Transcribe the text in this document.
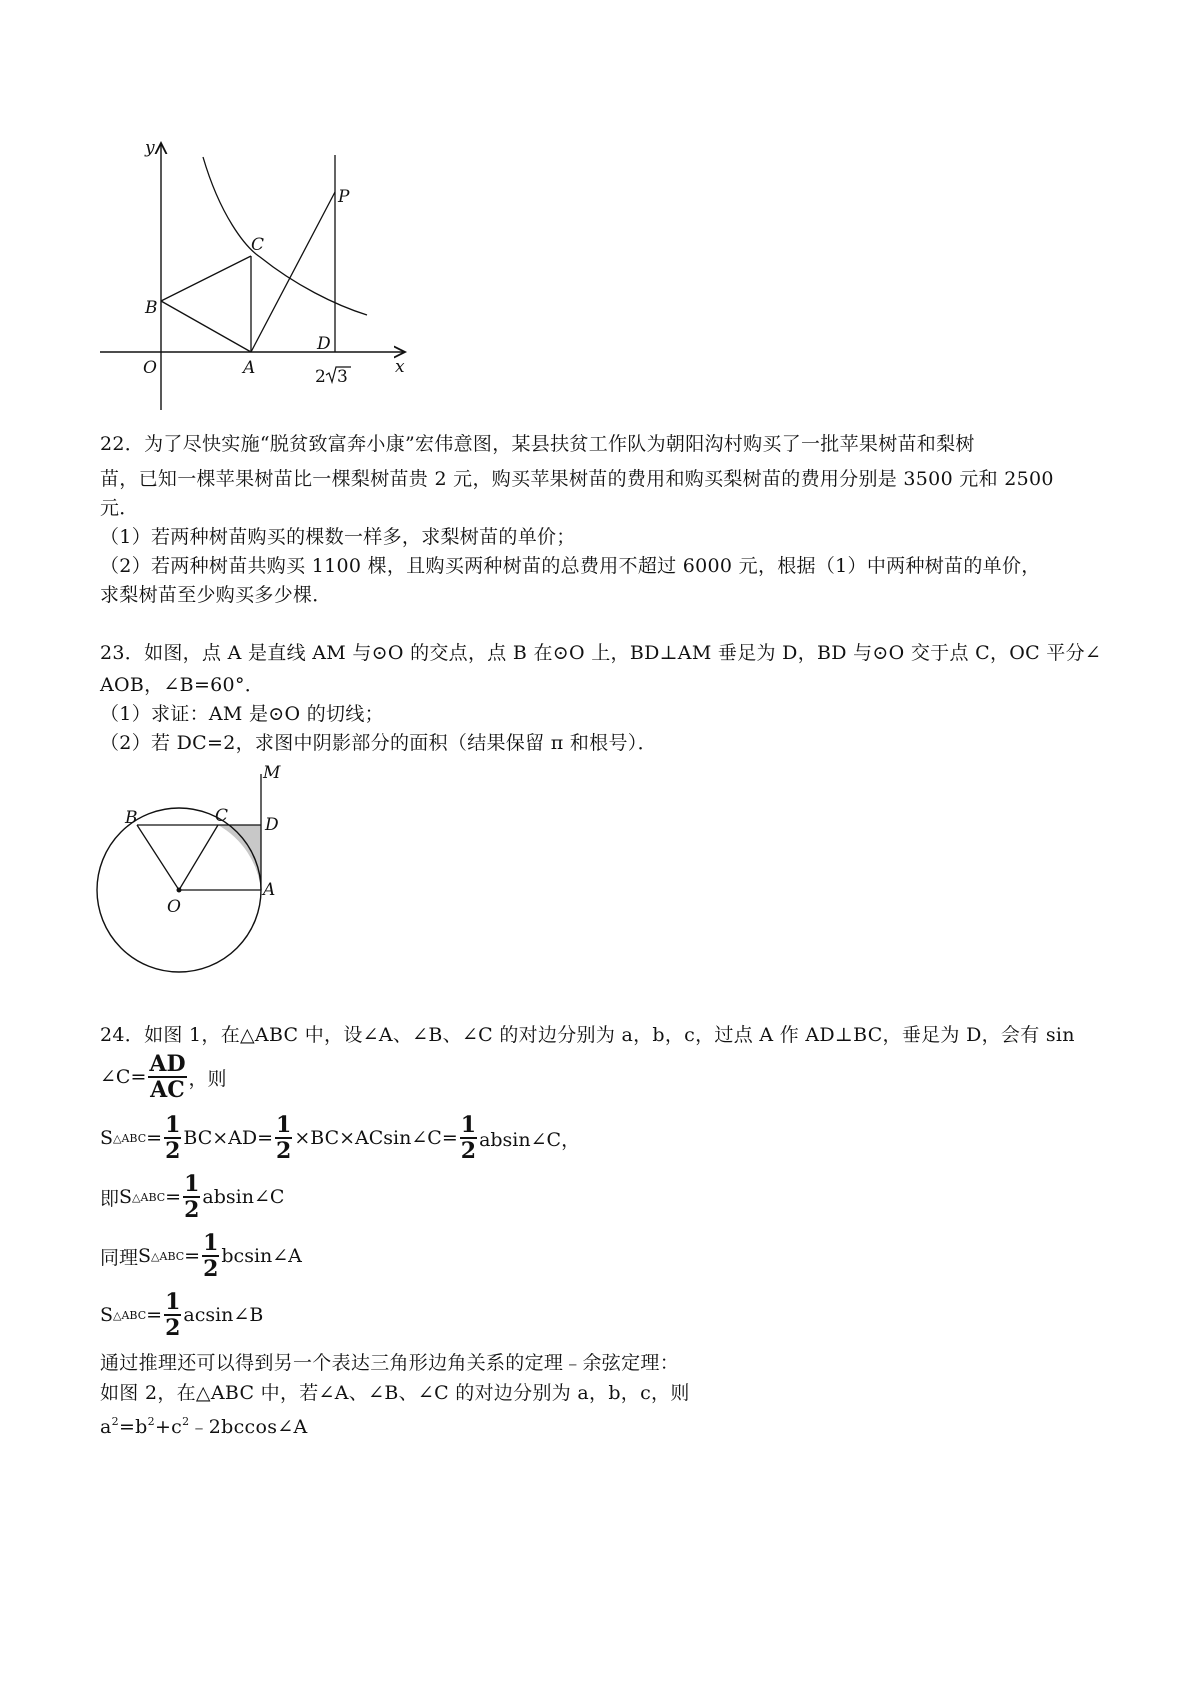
y
x
O	A
B
C
D
P
2 3
22．为了尽快实施“脱贫致富奔小康”宏伟意图，某县扶贫工作队为朝阳沟村购买了一批苹果树苗和梨树
苗，已知一棵苹果树苗比一棵梨树苗贵 2 元，购买苹果树苗的费用和购买梨树苗的费用分别是 3500 元和 2500
元．
（1）若两种树苗购买的棵数一样多，求梨树苗的单价；
（2）若两种树苗共购买 1100 棵，且购买两种树苗的总费用不超过 6000 元，根据（1）中两种树苗的单价，
求梨树苗至少购买多少棵．
23．如图，点 A 是直线 AM 与⊙O 的交点，点 B 在⊙O 上，BD⊥AM 垂足为 D，BD 与⊙O 交于点 C，OC 平分∠
AOB，∠B=60°．
（1）求证：AM 是⊙O 的切线；
（2）若 DC=2，求图中阴影部分的面积（结果保留 π 和根号）．
M
B	C D
O
A
24．如图 1，在△ABC 中，设∠A、∠B、∠C 的对边分别为 a，b，c，过点 A 作 AD⊥BC，垂足为 D，会有 sin
∠C= $\frac{AD}{AC}$ ，则
S △ABC = $\frac{1}{2} BC\times AD= \frac{1}{2}$ ×BC×ACsin∠C= $\frac{1}{2}$ absin∠C，
即 S △ABC = $\frac{1}{2}$ absin∠C
同理 S △ABC = $\frac{1}{2}$ bcsin∠A
S △ABC = $\frac{1}{2}$ acsin∠B
通过推理还可以得到另一个表达三角形边角关系的定理﹣余弦定理：
如图 2，在△ABC 中，若∠A、∠B、∠C 的对边分别为 a，b，c，则
$a^2=b^2+c^2﹣2bccos\angle A$
